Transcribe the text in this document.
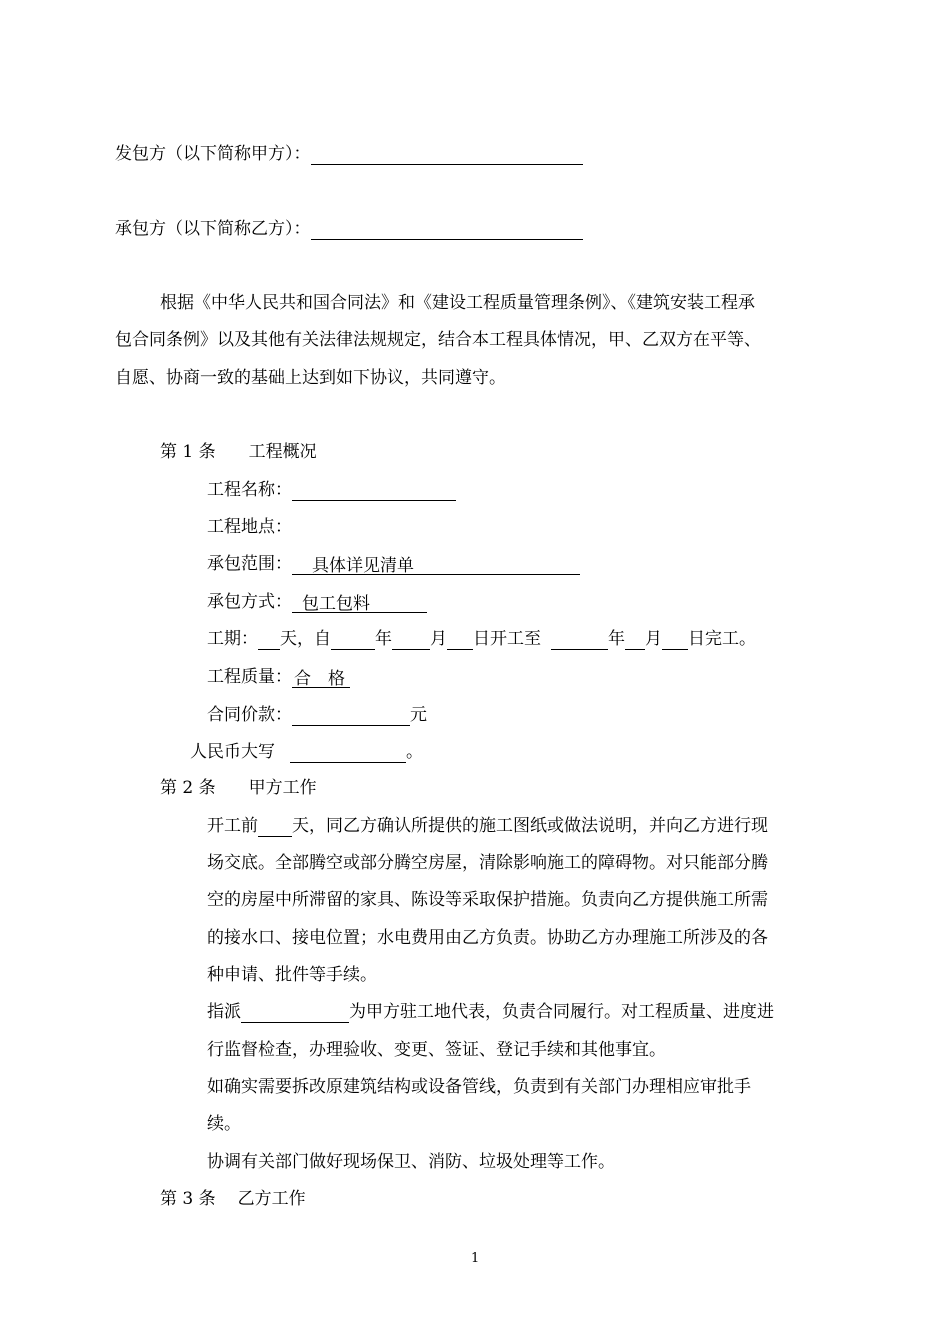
发包方（以下简称甲方）：
承包方（以下简称乙方）：
根据《中华人民共和国合同法》和《建设工程质量管理条例》、《建筑安装工程承
包合同条例》以及其他有关法律法规规定，结合本工程具体情况，甲、乙双方在平等、
自愿、协商一致的基础上达到如下协议，共同遵守。
第 1 条 工程概况
工程名称：
工程地点：
承包范围： 具体详见清单
承包方式： 包工包料
工期： 天，自	年 月 日开工至	年 月 日完工。
工程质量： 合　格
合同价款：	元
人民币大写	。
第 2 条 甲方工作
开工前 天，同乙方确认所提供的施工图纸或做法说明，并向乙方进行现
场交底。全部腾空或部分腾空房屋，清除影响施工的障碍物。对只能部分腾
空的房屋中所滞留的家具、陈设等采取保护措施。负责向乙方提供施工所需
的接水口、接电位置；水电费用由乙方负责。协助乙方办理施工所涉及的各
种申请、批件等手续。
指派	为甲方驻工地代表，负责合同履行。对工程质量、进度进
行监督检查，办理验收、变更、签证、登记手续和其他事宜。
如确实需要拆改原建筑结构或设备管线，负责到有关部门办理相应审批手
续。
协调有关部门做好现场保卫、消防、垃圾处理等工作。
第 3 条 乙方工作
1
